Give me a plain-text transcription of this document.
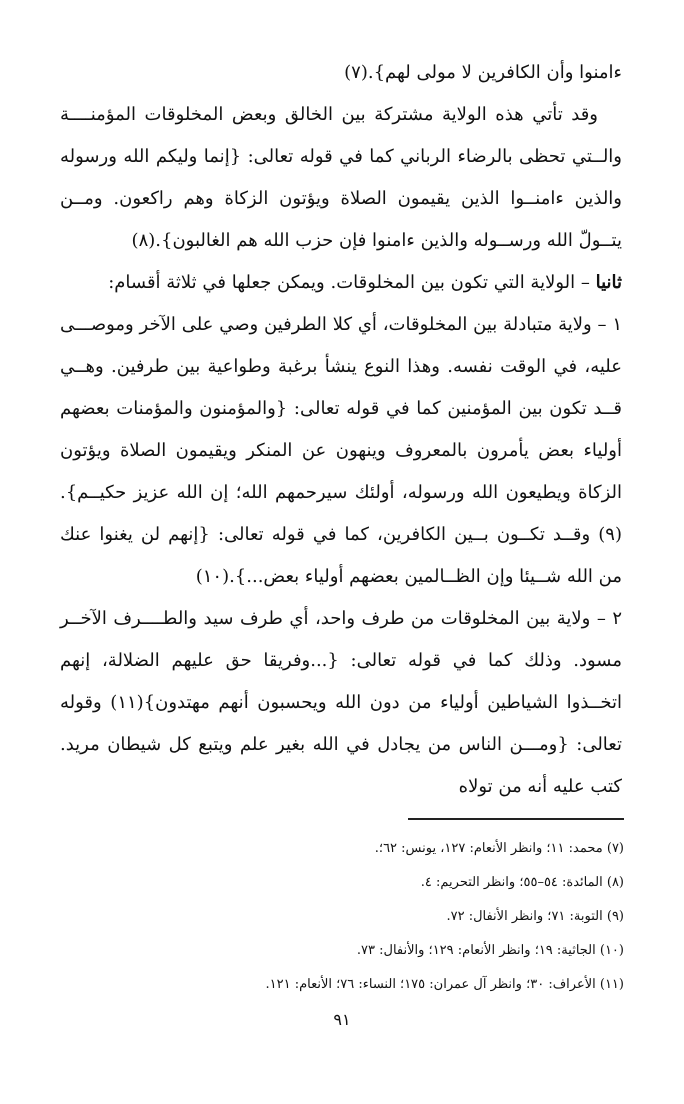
ءامنوا وأن الكافرين لا مولى لهم}.(٧)

وقد تأتي هذه الولاية مشتركة بين الخالق وبعض المخلوقات المؤمنــــة والــتي تحظى بالرضاء الرباني كما في قوله تعالى: {إنما وليكم الله ورسوله والذين ءامنــوا الذين يقيمون الصلاة ويؤتون الزكاة وهم راكعون. ومــن يتــولّ الله ورســوله والذين ءامنوا فإن حزب الله هم الغالبون}.(٨)

ثانيا – الولاية التي تكون بين المخلوقات. ويمكن جعلها في ثلاثة أقسام:

١ – ولاية متبادلة بين المخلوقات، أي كلا الطرفين وصي على الآخر وموصـــى عليه، في الوقت نفسه. وهذا النوع ينشأ برغبة وطواعية بين طرفين. وهــي قــد تكون بين المؤمنين كما في قوله تعالى: {والمؤمنون والمؤمنات بعضهم أولياء بعض يأمرون بالمعروف وينهون عن المنكر ويقيمون الصلاة ويؤتون الزكاة ويطيعون الله ورسوله، أولئك سيرحمهم الله؛ إن الله عزيز حكيــم}.(٩) وقــد تكــون بــين الكافرين، كما في قوله تعالى: {إنهم لن يغنوا عنك من الله شــيئا وإن الظــالمين بعضهم أولياء بعض...}.(١٠)

٢ – ولاية بين المخلوقات من طرف واحد، أي طرف سيد والطــــرف الآخــر مسود. وذلك كما في قوله تعالى: {...وفريقا حق عليهم الضلالة، إنهم اتخــذوا الشياطين أولياء من دون الله ويحسبون أنهم مهتدون}(١١) وقوله تعالى: {ومـــن الناس من يجادل في الله بغير علم ويتبع كل شيطان مريد. كتب عليه أنه من تولاه

(٧) محمد: ١١؛ وانظر الأنعام: ١٢٧، يونس: ٦٢؛.
(٨) المائدة: ٥٤–٥٥؛ وانظر التحريم: ٤.
(٩) التوبة: ٧١؛ وانظر الأنفال: ٧٢.
(١٠) الجاثية: ١٩؛ وانظر الأنعام: ١٢٩؛ والأنفال: ٧٣.
(١١) الأعراف: ٣٠؛ وانظر آل عمران: ١٧٥؛ النساء: ٧٦؛ الأنعام: ١٢١.
٩١
